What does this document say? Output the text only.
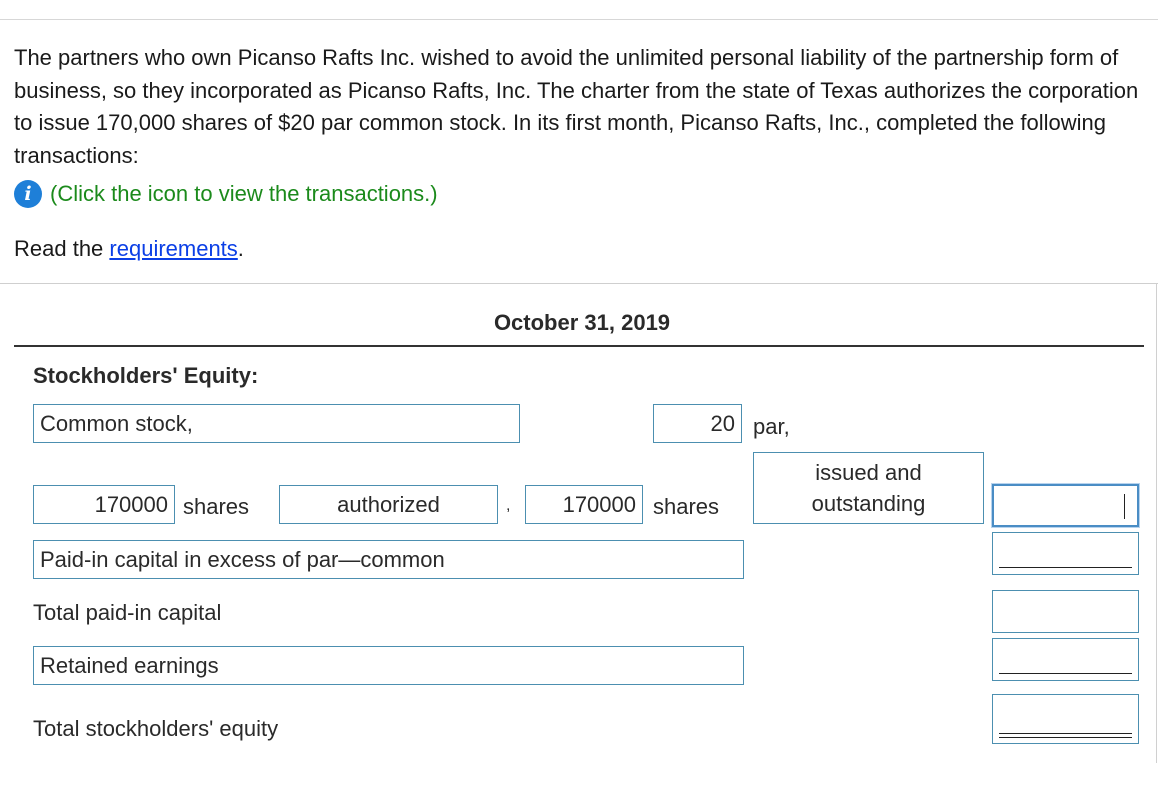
The partners who own Picanso Rafts Inc. wished to avoid the unlimited personal liability of the partnership form of business, so they incorporated as Picanso Rafts, Inc. The charter from the state of Texas authorizes the corporation to issue 170,000 shares of $20 par common stock. In its first month, Picanso Rafts, Inc., completed the following transactions:

i (Click the icon to view the transactions.)
Read the requirements.
October 31, 2019
Stockholders' Equity:
Common stock,
20
par,
170000
shares
authorized	,
170000	shares
issued and
outstanding
Paid-in capital in excess of par—common
Total paid-in capital
Retained earnings
Total stockholders' equity
